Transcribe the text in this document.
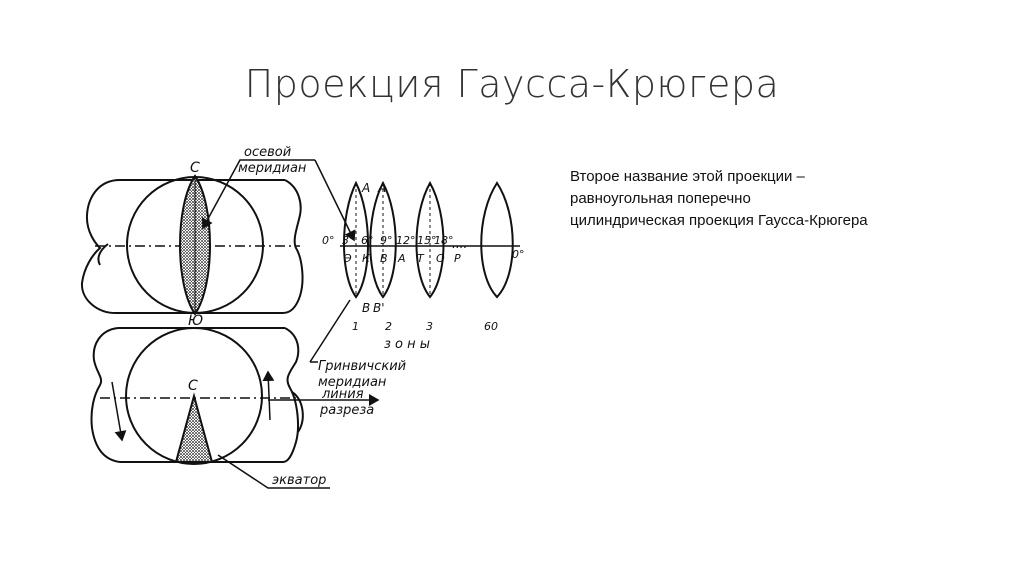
Проекция Гаусса-Крюгера
Второе название этой проекции –
равноугольная поперечно
цилиндрическая проекция Гаусса-Крюгера
осевой
меридиан
С
Ю
С
Гринвичский
меридиан
линия
разреза
экватор
0°
0°
А А
В В'
....
з о н ы
3° 6° 9° 12° 15°
18°
Э К В А Т О Р
1 2	3	60
